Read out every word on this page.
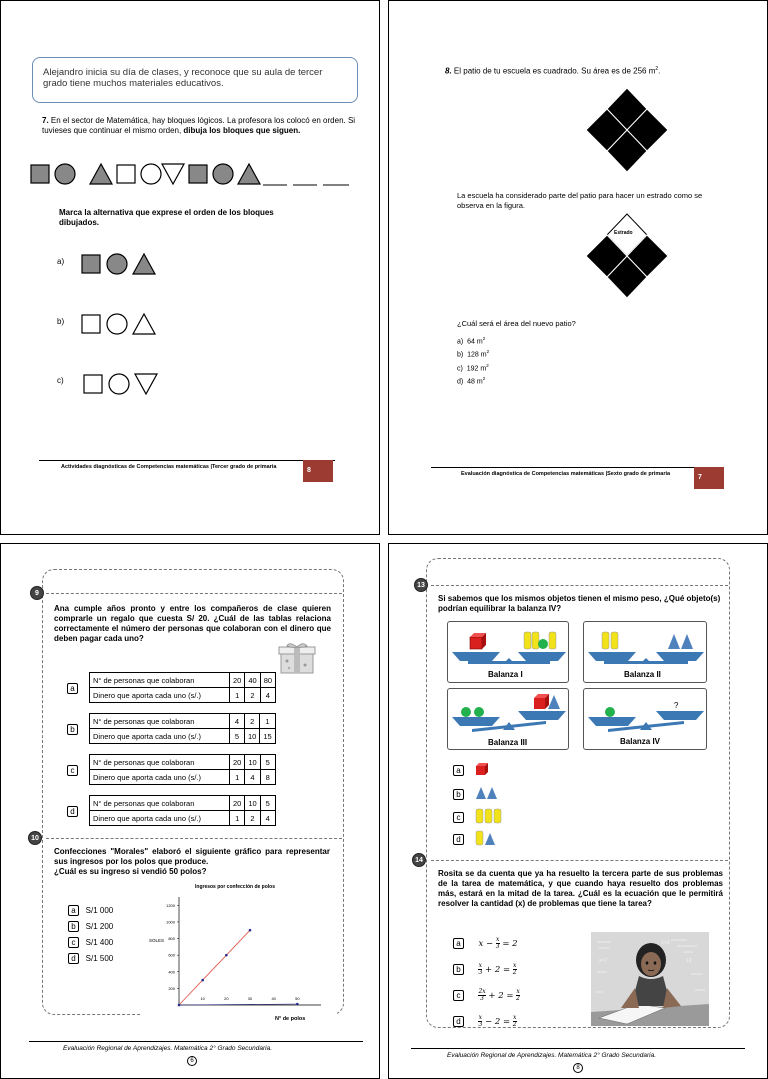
Alejandro inicia su día de clases, y reconoce que su aula de tercer grado tiene muchos materiales educativos.
7. En el sector de Matemática, hay bloques lógicos. La profesora los colocó en orden. Si tuvieses que continuar el mismo orden, dibuja los bloques que siguen.
Marca la alternativa que exprese el orden de los bloques dibujados.
a)
b)
c)
Actividades diagnósticas de Competencias matemáticas |Tercer grado de primaria	8
8. El patio de tu escuela es cuadrado. Su área es de 256 $m^2$.
La escuela ha considerado parte del patio para hacer un estrado como se observa en la figura.
Estrado
¿Cuál será el área del nuevo patio?
a) 64 $m^2$
b) 128 $m^2$
c) 192 $m^2$
d) 48 $m^2$
Evaluación diagnóstica de Competencias matemáticas |Sexto grado de primaria	7
9
Ana cumple años pronto y entre los compañeros de clase quieren comprarle un regalo que cuesta S/ 20. ¿Cuál de las tablas relaciona correctamente el número der personas que colaboran con el dinero que deben pagar cada uno?
a
N° de personas que colaboran	20	40	80
Dinero que aporta cada uno (s/.)	1	2	4
b
N° de personas que colaboran	4	2	1
Dinero que aporta cada uno (s/.)	5	10	15
c
N° de personas que colaboran	20	10	5
Dinero que aporta cada uno (s/.)	1	4	8
d
N° de personas que colaboran	20	10	5
Dinero que aporta cada uno (s/.)	1	2	4
10
Confecciones "Morales" elaboró el siguiente gráfico para representar sus ingresos por los polos que produce.
¿Cuál es su ingreso si vendió 50 polos?
a S/1 000
b S/1 200
c S/1 400
d S/1 500
Ingresos por confección de polos
SOLES
N° de polos
200
400
600
800
1000
1200
10	20	30	40	50
Evaluación Regional de Aprendizajes. Matemática 2° Grado Secundaria.
6
13
Si sabemos que los mismos objetos tienen el mismo peso, ¿Qué objeto(s) podrían equilibrar la balanza IV?
Balanza I	Balanza II
Balanza III
?
Balanza IV
a
b
c
d
14
Rosita se da cuenta que ya ha resuelto la tercera parte de sus problemas de la tarea de matemática, y que cuando haya resuelto dos problemas más, estará en la mitad de la tarea. ¿Cuál es la ecuación que le permitirá resolver la cantidad (x) de problemas que tiene la tarea?
a $x - \frac{x}{3} = 2$
b	$\frac{x}{3} + 2 = \frac{x}{2}$
c	$\frac{2x}{3} + 2 = \frac{x}{2}$
d	$\frac{x}{3} - 2 = \frac{x}{2}$
2+3
x=7	12
Evaluación Regional de Aprendizajes. Matemática 2° Grado Secundaria.
8
